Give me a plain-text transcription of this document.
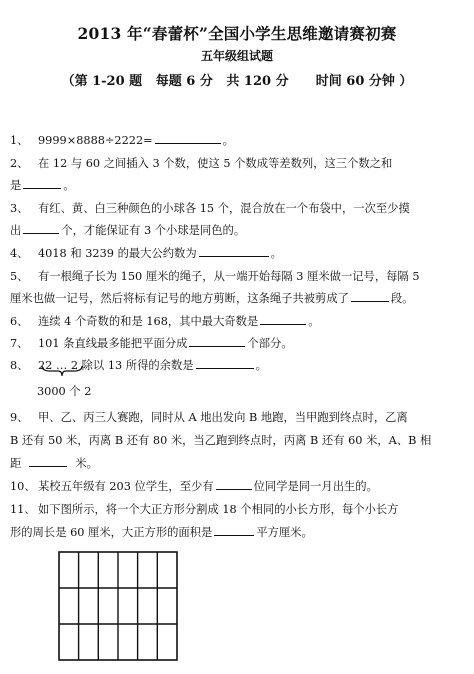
2013 年“春蕾杯”全国小学生思维邀请赛初赛
五年级组试题
（第 1-20 题   每题 6 分   共 120 分      时间 60 分钟 ）
1、 9999×8888÷2222=	。
2、 在 12 与 60 之间插入 3 个数，使这 5 个数成等差数列，这三个数之和
是	。
3、 有红、黄、白三种颜色的小球各 15 个，混合放在一个布袋中，一次至少摸
出	个，才能保证有 3 个小球是同色的。
4、 4018 和 3239 的最大公约数为	。
5、 有一根绳子长为 150 厘米的绳子，从一端开始每隔 3 厘米做一记号，每隔 5
厘米也做一记号，然后将标有记号的地方剪断，这条绳子共被剪成了	段。
6、 连续 4 个奇数的和是 168，其中最大奇数是	。
7、 101 条直线最多能把平面分成	个部分。
8、 22 … 2 除以 13 所得的余数是	。
3000 个 2
9、 甲、乙、丙三人赛跑，同时从 A 地出发向 B 地跑，当甲跑到终点时，乙离
B 还有 50 米，丙离 B 还有 80 米，当乙跑到终点时，丙离 B 还有 60 米，A、B 相
距	米。
10、 某校五年级有 203 位学生，至少有	位同学是同一月出生的。
11、 如下图所示，将一个大正方形分割成 18 个相同的小长方形，每个小长方
形的周长是 60 厘米，大正方形的面积是	平方厘米。
